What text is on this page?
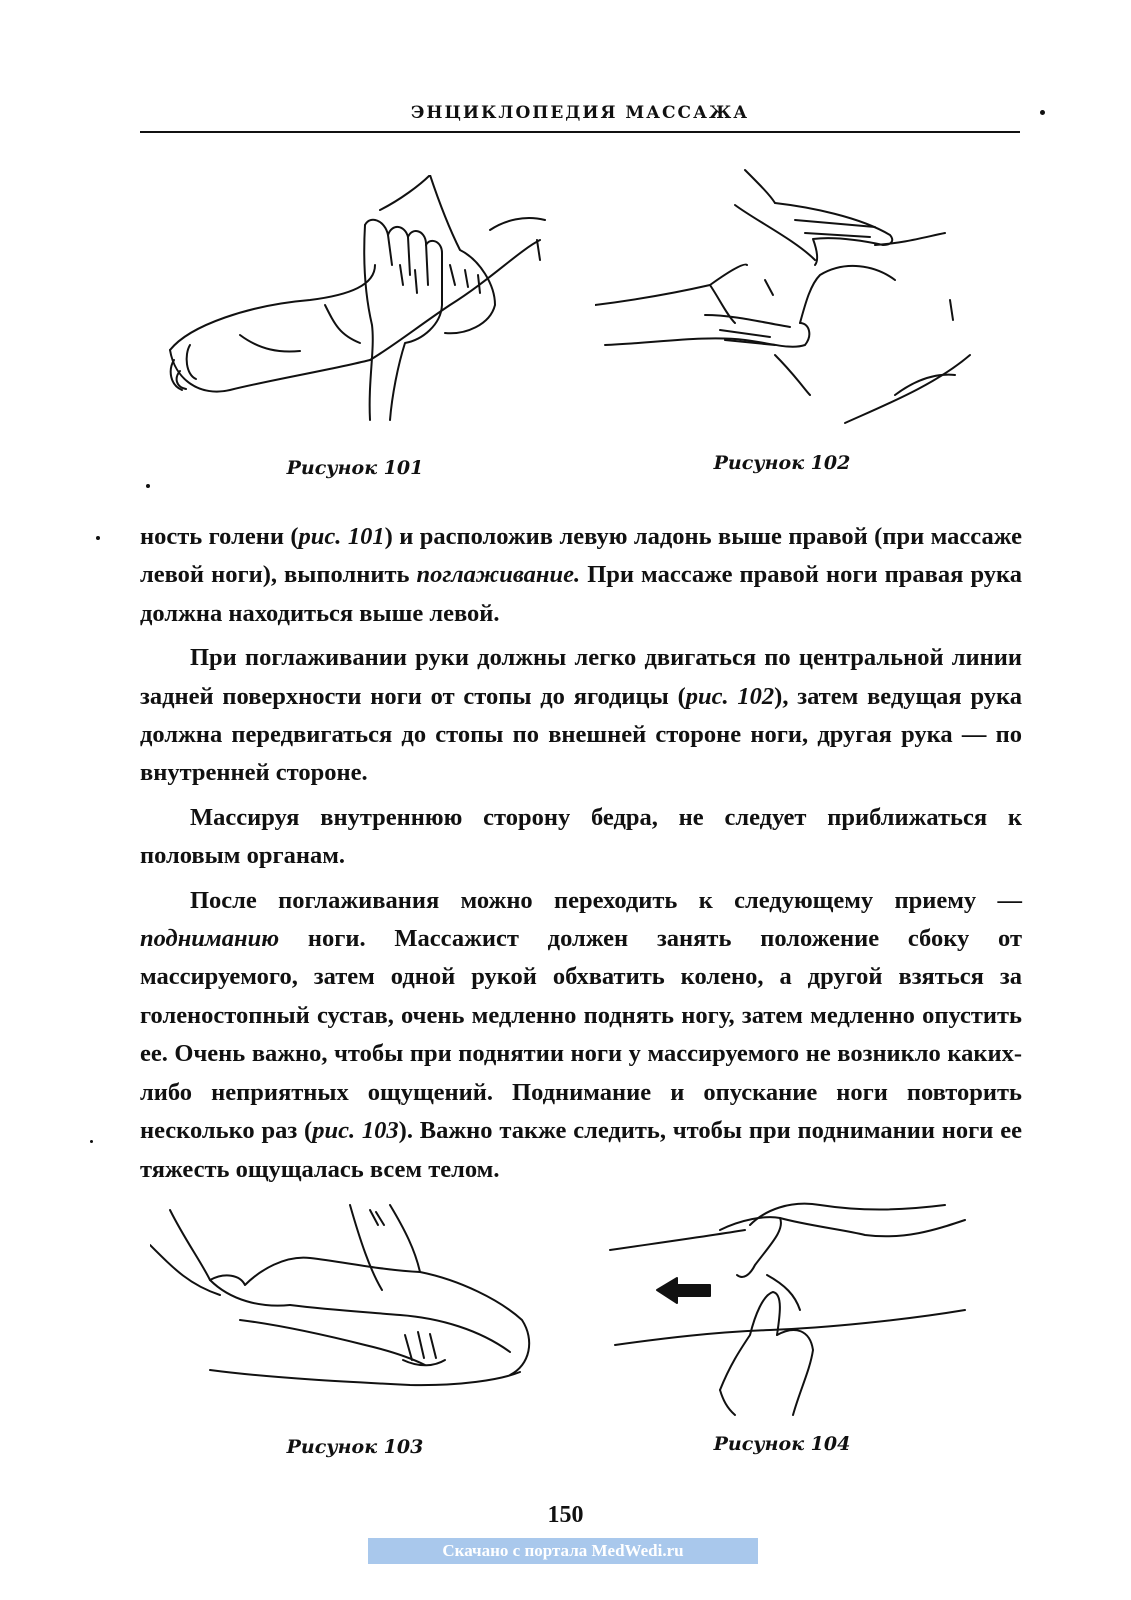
ЭНЦИКЛОПЕДИЯ МАССАЖА
Рисунок 101	Рисунок 102

ность голени (рис. 101) и расположив левую ладонь выше правой (при массаже левой ноги), выполнить поглаживание. При массаже правой ноги правая рука должна находиться выше левой.

При поглаживании руки должны легко двигаться по центральной линии задней поверхности ноги от стопы до ягодицы (рис. 102), затем ведущая рука должна передвигаться до стопы по внешней стороне ноги, другая рука — по внутренней стороне.

Массируя внутреннюю сторону бедра, не следует приближаться к половым органам.

После поглаживания можно переходить к следующему приему — подниманию ноги. Массажист должен занять положение сбоку от массируемого, затем одной рукой обхватить колено, а другой взяться за голеностопный сустав, очень медленно поднять ногу, затем медленно опустить ее. Очень важно, чтобы при поднятии ноги у массируемого не возникло каких-либо неприятных ощущений. Поднимание и опускание ноги повторить несколько раз (рис. 103). Важно также следить, чтобы при поднимании ноги ее тяжесть ощущалась всем телом.

Рисунок 103	Рисунок 104
150
Скачано с портала MedWedi.ru
